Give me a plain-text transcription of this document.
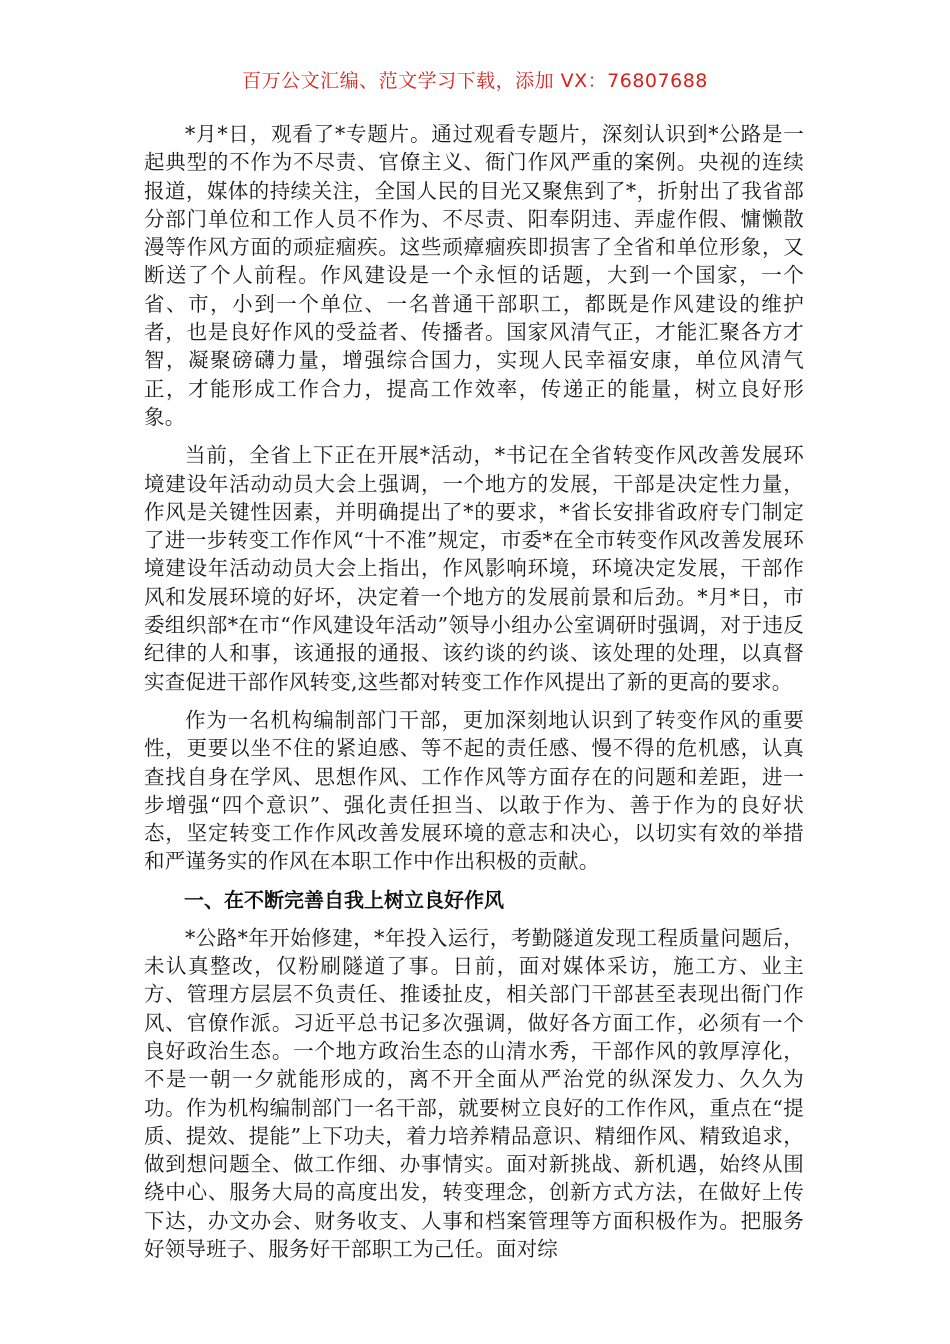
百万公文汇编、范文学习下载，添加 VX：76807688

*月*日，观看了*专题片。通过观看专题片，深刻认识到*公路是一起典型的不作为不尽责、官僚主义、衙门作风严重的案例。央视的连续报道，媒体的持续关注，全国人民的目光又聚焦到了*，折射出了我省部分部门单位和工作人员不作为、不尽责、阳奉阴违、弄虚作假、慵懒散漫等作风方面的顽症痼疾。这些顽瘴痼疾即损害了全省和单位形象，又断送了个人前程。作风建设是一个永恒的话题，大到一个国家，一个省、市，小到一个单位、一名普通干部职工，都既是作风建设的维护者，也是良好作风的受益者、传播者。国家风清气正，才能汇聚各方才智，凝聚磅礴力量，增强综合国力，实现人民幸福安康，单位风清气正，才能形成工作合力，提高工作效率，传递正的能量，树立良好形象。

当前，全省上下正在开展*活动，*书记在全省转变作风改善发展环境建设年活动动员大会上强调，一个地方的发展，干部是决定性力量，作风是关键性因素，并明确提出了*的要求，*省长安排省政府专门制定了进一步转变工作作风“十不准”规定，市委*在全市转变作风改善发展环境建设年活动动员大会上指出，作风影响环境，环境决定发展，干部作风和发展环境的好坏，决定着一个地方的发展前景和后劲。*月*日，市委组织部*在市“作风建设年活动”领导小组办公室调研时强调，对于违反纪律的人和事，该通报的通报、该约谈的约谈、该处理的处理，以真督实查促进干部作风转变,这些都对转变工作作风提出了新的更高的要求。

作为一名机构编制部门干部，更加深刻地认识到了转变作风的重要性，更要以坐不住的紧迫感、等不起的责任感、慢不得的危机感，认真查找自身在学风、思想作风、工作作风等方面存在的问题和差距，进一步增强“四个意识”、强化责任担当、以敢于作为、善于作为的良好状态，坚定转变工作作风改善发展环境的意志和决心，以切实有效的举措和严谨务实的作风在本职工作中作出积极的贡献。

一、在不断完善自我上树立良好作风

*公路*年开始修建，*年投入运行，考勤隧道发现工程质量问题后，未认真整改，仅粉刷隧道了事。日前，面对媒体采访，施工方、业主方、管理方层层不负责任、推诿扯皮，相关部门干部甚至表现出衙门作风、官僚作派。习近平总书记多次强调，做好各方面工作，必须有一个良好政治生态。一个地方政治生态的山清水秀，干部作风的敦厚淳化，不是一朝一夕就能形成的，离不开全面从严治党的纵深发力、久久为功。作为机构编制部门一名干部，就要树立良好的工作作风，重点在“提质、提效、提能”上下功夫，着力培养精品意识、精细作风、精致追求，做到想问题全、做工作细、办事情实。面对新挑战、新机遇，始终从围绕中心、服务大局的高度出发，转变理念，创新方式方法，在做好上传下达，办文办会、财务收支、人事和档案管理等方面积极作为。把服务好领导班子、服务好干部职工为己任。面对综
